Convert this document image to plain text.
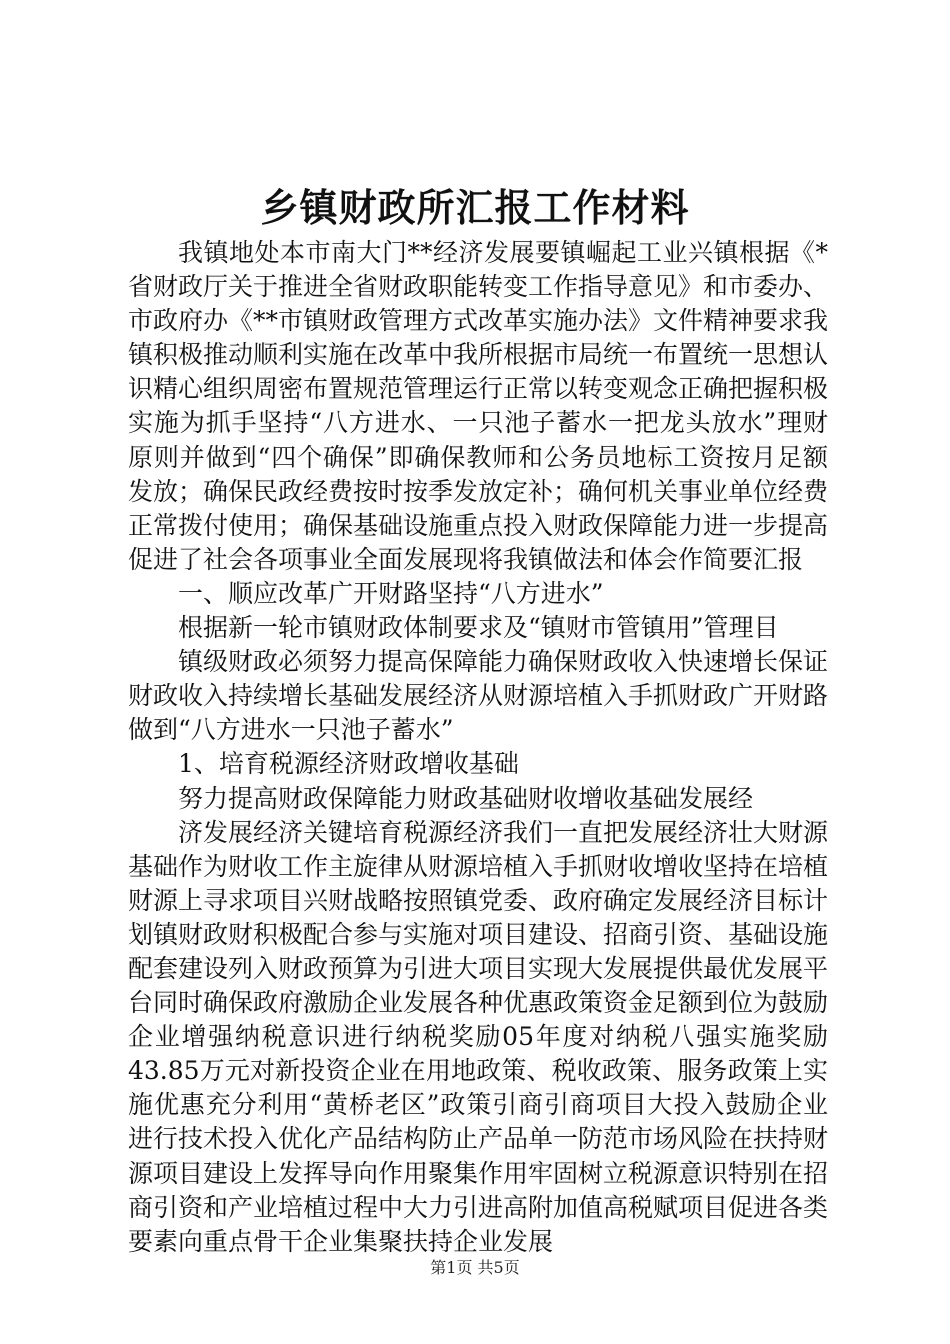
乡镇财政所汇报工作材料

我镇地处本市南大门**经济发展要镇崛起工业兴镇根据《*省财政厅关于推进全省财政职能转变工作指导意见》和市委办、市政府办《**市镇财政管理方式改革实施办法》文件精神要求我镇积极推动顺利实施在改革中我所根据市局统一布置统一思想认识精心组织周密布置规范管理运行正常以转变观念正确把握积极实施为抓手坚持“八方进水、一只池子蓄水一把龙头放水”理财原则并做到“四个确保”即确保教师和公务员地标工资按月足额发放；确保民政经费按时按季发放定补；确何机关事业单位经费正常拨付使用；确保基础设施重点投入财政保障能力进一步提高促进了社会各项事业全面发展现将我镇做法和体会作简要汇报

一、顺应改革广开财路坚持“八方进水”

根据新一轮市镇财政体制要求及“镇财市管镇用”管理目

镇级财政必须努力提高保障能力确保财政收入快速增长保证财政收入持续增长基础发展经济从财源培植入手抓财政广开财路做到“八方进水一只池子蓄水”

1、培育税源经济财政增收基础

努力提高财政保障能力财政基础财收增收基础发展经

济发展经济关键培育税源经济我们一直把发展经济壮大财源基础作为财收工作主旋律从财源培植入手抓财收增收坚持在培植财源上寻求项目兴财战略按照镇党委、政府确定发展经济目标计划镇财政财积极配合参与实施对项目建设、招商引资、基础设施配套建设列入财政预算为引进大项目实现大发展提供最优发展平台同时确保政府激励企业发展各种优惠政策资金足额到位为鼓励企业增强纳税意识进行纳税奖励05年度对纳税八强实施奖励43.85万元对新投资企业在用地政策、税收政策、服务政策上实施优惠充分利用“黄桥老区”政策引商引商项目大投入鼓励企业进行技术投入优化产品结构防止产品单一防范市场风险在扶持财源项目建设上发挥导向作用聚集作用牢固树立税源意识特别在招商引资和产业培植过程中大力引进高附加值高税赋项目促进各类要素向重点骨干企业集聚扶持企业发展

第1页 共5页
